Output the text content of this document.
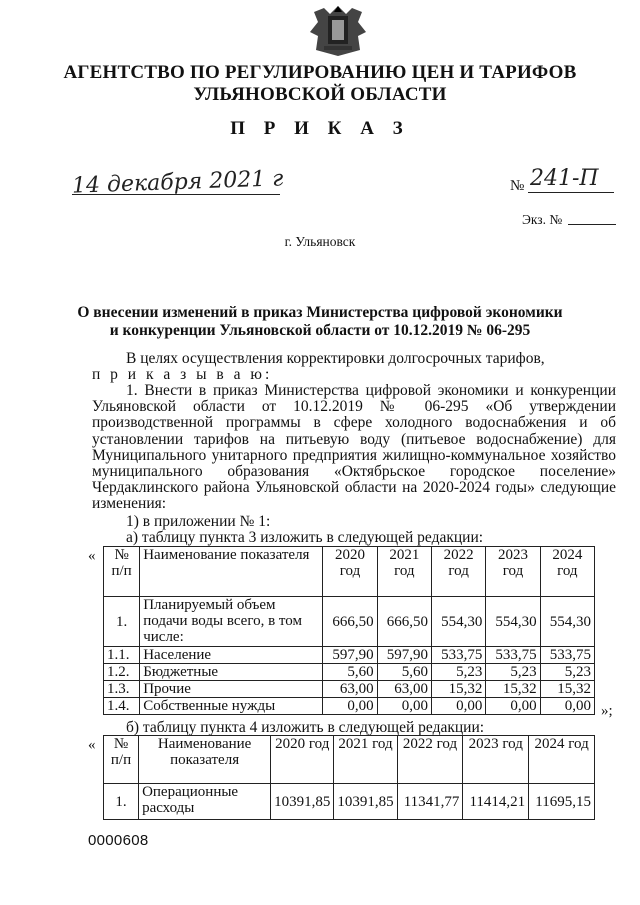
АГЕНТСТВО ПО РЕГУЛИРОВАНИЮ ЦЕН И ТАРИФОВ
УЛЬЯНОВСКОЙ ОБЛАСТИ
П Р И К А З
14 декабря 2021 г	№ 241-П
Экз. №
г. Ульяновск
О внесении изменений в приказ Министерства цифровой экономики
и конкуренции Ульяновской области от 10.12.2019 № 06-295
В целях осуществления корректировки долгосрочных тарифов,
п р и к а з ы в а ю:
1. Внести в приказ Министерства цифровой экономики и конкуренции Ульяновской области от 10.12.2019 № 06-295 «Об утверждении производственной программы в сфере холодного водоснабжения и об установлении тарифов на питьевую воду (питьевое водоснабжение) для Муниципального унитарного предприятия жилищно-коммунальное хозяйство муниципального образования «Октябрьское городское поселение» Чердаклинского района Ульяновской области на 2020-2024 годы» следующие изменения:
1) в приложении № 1:
а) таблицу пункта 3 изложить в следующей редакции:
« № п/п	Наименование показателя	2020 год	2021 год	2022 год	2023 год	2024 год
1.	Планируемый объем подачи воды всего, в том числе:	666,50	666,50	554,30	554,30	554,30
1.1.	Население	597,90	597,90	533,75	533,75	533,75
1.2.	Бюджетные	5,60	5,60	5,23	5,23	5,23
1.3.	Прочие	63,00	63,00	15,32	15,32	15,32
1.4.	Собственные нужды	0,00	0,00	0,00	0,00	0,00 »;
б) таблицу пункта 4 изложить в следующей редакции:
« № п/п	Наименование показателя	2020 год	2021 год	2022 год	2023 год	2024 год
1.	Операционные расходы	10391,85	10391,85	11341,77	11414,21	11695,15
0000608
